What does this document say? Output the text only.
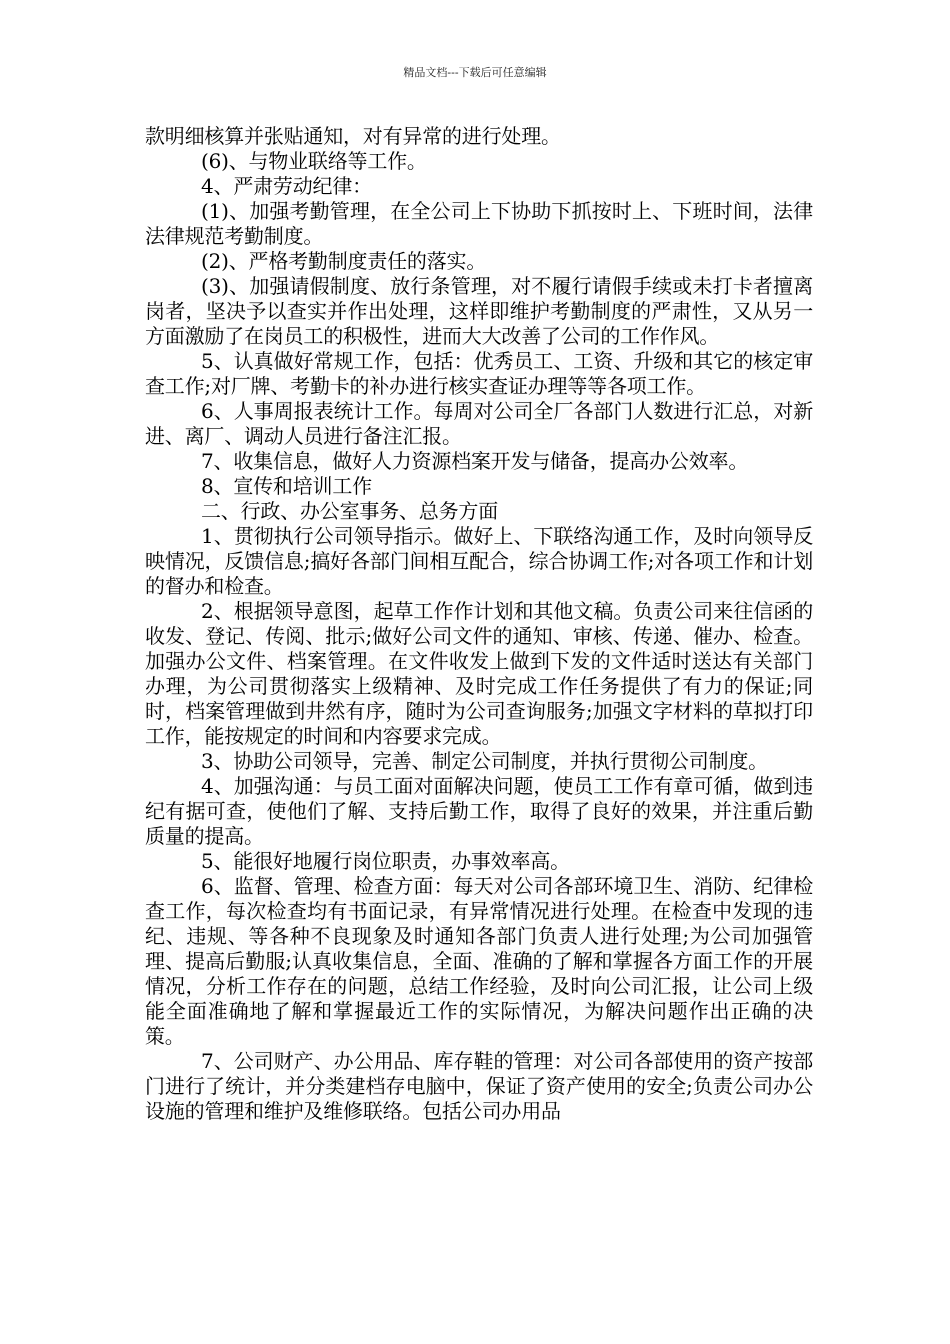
精品文档---下载后可任意编辑

款明细核算并张贴通知，对有异常的进行处理。

(6)、与物业联络等工作。

4、严肃劳动纪律：

(1)、加强考勤管理，在全公司上下协助下抓按时上、下班时间，法律法律规范考勤制度。

(2)、严格考勤制度责任的落实。

(3)、加强请假制度、放行条管理，对不履行请假手续或未打卡者擅离岗者，坚决予以查实并作出处理，这样即维护考勤制度的严肃性，又从另一方面激励了在岗员工的积极性，进而大大改善了公司的工作作风。

5、认真做好常规工作，包括：优秀员工、工资、升级和其它的核定审查工作;对厂牌、考勤卡的补办进行核实查证办理等等各项工作。

6、人事周报表统计工作。每周对公司全厂各部门人数进行汇总，对新进、离厂、调动人员进行备注汇报。

7、收集信息，做好人力资源档案开发与储备，提高办公效率。

8、宣传和培训工作

二、行政、办公室事务、总务方面

1、贯彻执行公司领导指示。做好上、下联络沟通工作，及时向领导反映情况，反馈信息;搞好各部门间相互配合，综合协调工作;对各项工作和计划的督办和检查。

2、根据领导意图，起草工作作计划和其他文稿。负责公司来往信函的收发、登记、传阅、批示;做好公司文件的通知、审核、传递、催办、检查。加强办公文件、档案管理。在文件收发上做到下发的文件适时送达有关部门办理，为公司贯彻落实上级精神、及时完成工作任务提供了有力的保证;同时，档案管理做到井然有序，随时为公司查询服务;加强文字材料的草拟打印工作，能按规定的时间和内容要求完成。

3、协助公司领导，完善、制定公司制度，并执行贯彻公司制度。

4、加强沟通：与员工面对面解决问题，使员工工作有章可循，做到违纪有据可查，使他们了解、支持后勤工作，取得了良好的效果，并注重后勤质量的提高。

5、能很好地履行岗位职责，办事效率高。

6、监督、管理、检查方面：每天对公司各部环境卫生、消防、纪律检查工作，每次检查均有书面记录，有异常情况进行处理。在检查中发现的违纪、违规、等各种不良现象及时通知各部门负责人进行处理;为公司加强管理、提高后勤服;认真收集信息，全面、准确的了解和掌握各方面工作的开展情况，分析工作存在的问题，总结工作经验，及时向公司汇报，让公司上级能全面准确地了解和掌握最近工作的实际情况，为解决问题作出正确的决策。

7、公司财产、办公用品、库存鞋的管理：对公司各部使用的资产按部门进行了统计，并分类建档存电脑中，保证了资产使用的安全;负责公司办公设施的管理和维护及维修联络。包括公司办用品
